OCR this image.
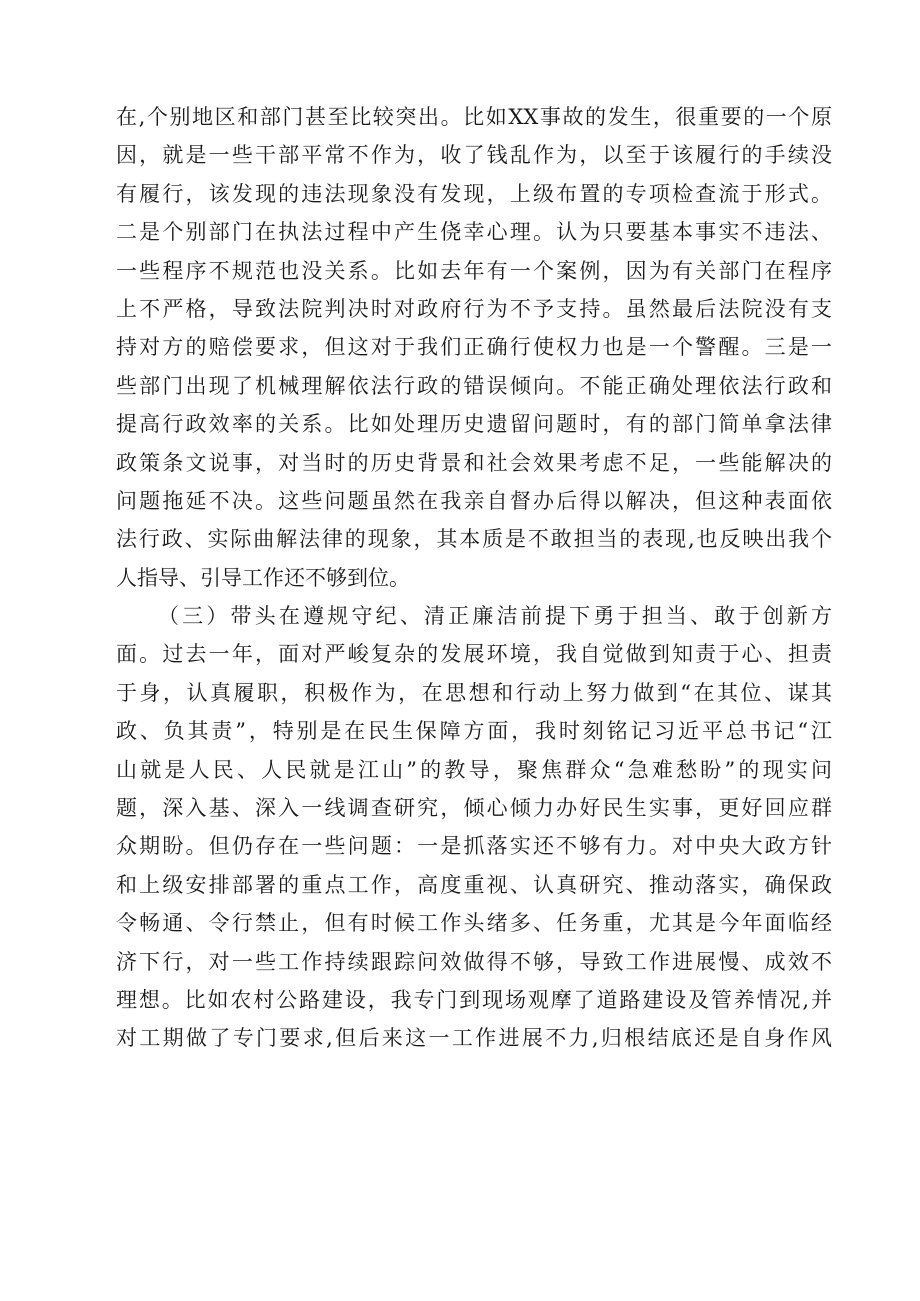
在,个别地区和部门甚至比较突出。比如XX事故的发生，很重要的一个原
因，就是一些干部平常不作为，收了钱乱作为，以至于该履行的手续没
有履行，该发现的违法现象没有发现，上级布置的专项检查流于形式。
二是个别部门在执法过程中产生侥幸心理。认为只要基本事实不违法、
一些程序不规范也没关系。比如去年有一个案例，因为有关部门在程序
上不严格，导致法院判决时对政府行为不予支持。虽然最后法院没有支
持对方的赔偿要求，但这对于我们正确行使权力也是一个警醒。三是一
些部门出现了机械理解依法行政的错误倾向。不能正确处理依法行政和
提高行政效率的关系。比如处理历史遗留问题时，有的部门简单拿法律
政策条文说事，对当时的历史背景和社会效果考虑不足，一些能解决的
问题拖延不决。这些问题虽然在我亲自督办后得以解决，但这种表面依
法行政、实际曲解法律的现象，其本质是不敢担当的表现,也反映出我个
人指导、引导工作还不够到位。
（三）带头在遵规守纪、清正廉洁前提下勇于担当、敢于创新方
面。过去一年，面对严峻复杂的发展环境，我自觉做到知责于心、担责
于身，认真履职，积极作为，在思想和行动上努力做到“在其位、谋其
政、负其责”，特别是在民生保障方面，我时刻铭记习近平总书记“江
山就是人民、人民就是江山”的教导，聚焦群众“急难愁盼”的现实问
题，深入基、深入一线调查研究，倾心倾力办好民生实事，更好回应群
众期盼。但仍存在一些问题：一是抓落实还不够有力。对中央大政方针
和上级安排部署的重点工作，高度重视、认真研究、推动落实，确保政
令畅通、令行禁止，但有时候工作头绪多、任务重，尤其是今年面临经
济下行，对一些工作持续跟踪问效做得不够，导致工作进展慢、成效不
理想。比如农村公路建设，我专门到现场观摩了道路建设及管养情况,并
对工期做了专门要求,但后来这一工作进展不力,归根结底还是自身作风
